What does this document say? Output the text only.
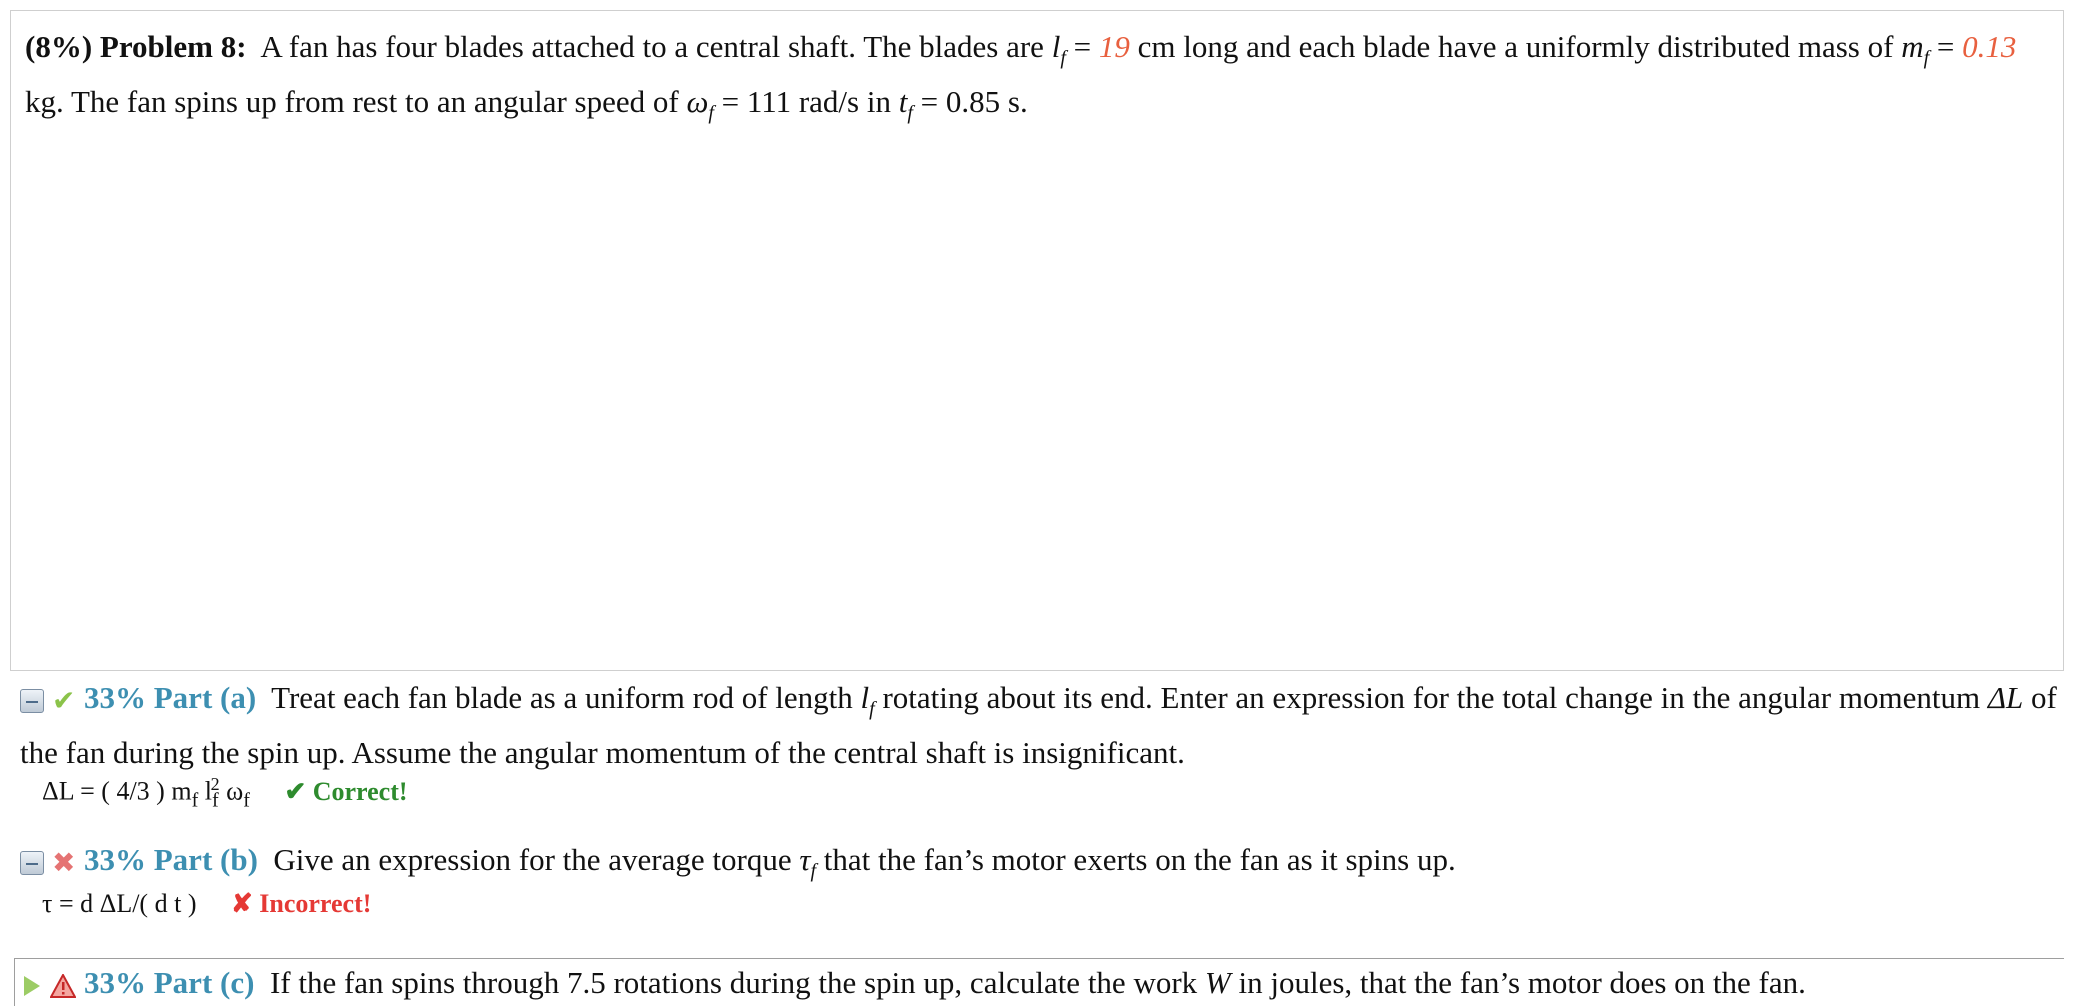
(8%) Problem 8: A fan has four blades attached to a central shaft. The blades are $l_f = 19$ cm long and each blade have a uniformly distributed mass of $m_f = 0.13$ kg. The fan spins up from rest to an angular speed of $\omega_f = 111$ rad/s in $t_f = 0.85$ s.
✔ 33% Part (a) Treat each fan blade as a uniform rod of length $l_f$ rotating about its end. Enter an expression for the total change in the angular momentum ΔL of the fan during the spin up. Assume the angular momentum of the central shaft is insignificant.
ΔL = ( 4/3 ) $m_f$ $l_f^2$ $\omega_f$ ✔ Correct!
✖ 33% Part (b) Give an expression for the average torque $\tau_f$ that the fan’s motor exerts on the fan as it spins up.
τ = d ΔL/( d t ) ✘ Incorrect!
33% Part (c) If the fan spins through 7.5 rotations during the spin up, calculate the work W in joules, that the fan’s motor does on the fan.
